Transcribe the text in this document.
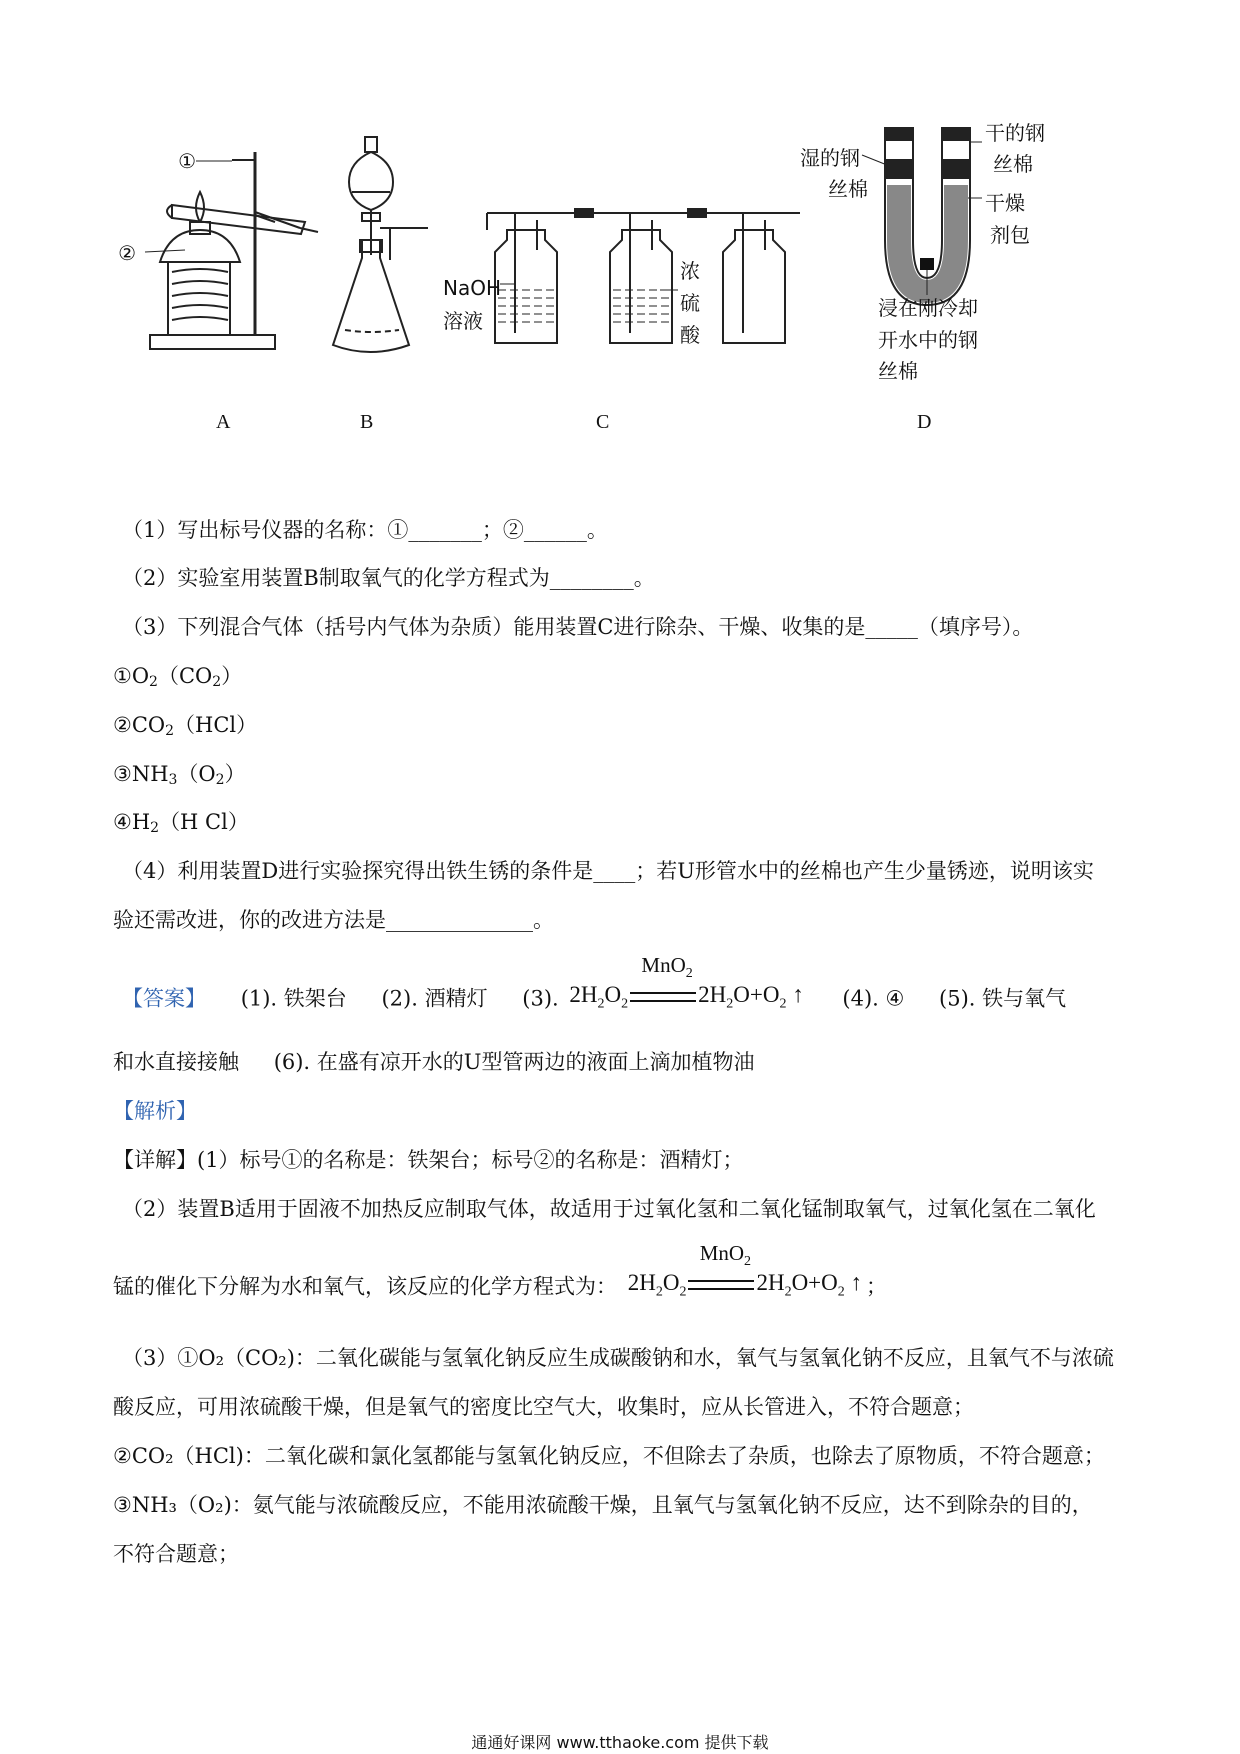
①
②
NaOH
溶液
浓
硫
酸
湿的钢
丝棉
干的钢
丝棉
干燥
剂包
浸在刚冷却
开水中的钢
丝棉
A	B	C	D
（1）写出标号仪器的名称：①_______；②______。
（2）实验室用装置B制取氧气的化学方程式为________。
（3）下列混合气体（括号内气体为杂质）能用装置C进行除杂、干燥、收集的是_____（填序号）。
①O2（CO2）
②CO2（HCl）
③NH3（O2）
④H2（H Cl）
（4）利用装置D进行实验探究得出铁生锈的条件是____；若U形管水中的丝棉也产生少量锈迹，说明该实
验还需改进，你的改进方法是______________。
【答案】 (1). 铁架台 (2). 酒精灯 (3).
MnO$_2$
$2H_2O_2$	$2H_2O+O_2$ ↑ (4). ④ (5). 铁与氧气
和水直接接触 (6). 在盛有凉开水的U型管两边的液面上滴加植物油
【解析】
【详解】(1）标号①的名称是：铁架台；标号②的名称是：酒精灯；
（2）装置B适用于固液不加热反应制取气体，故适用于过氧化氢和二氧化锰制取氧气，过氧化氢在二氧化
锰的催化下分解为水和氧气，该反应的化学方程式为：
MnO$_2$
$2H_2O_2$	$2H_2O+O_2$ ↑；
（3）①O₂（CO₂)：二氧化碳能与氢氧化钠反应生成碳酸钠和水，氧气与氢氧化钠不反应，且氧气不与浓硫
酸反应，可用浓硫酸干燥，但是氧气的密度比空气大，收集时，应从长管进入，不符合题意；
②CO₂（HCl)：二氧化碳和氯化氢都能与氢氧化钠反应，不但除去了杂质，也除去了原物质，不符合题意；
③NH₃（O₂)：氨气能与浓硫酸反应，不能用浓硫酸干燥，且氧气与氢氧化钠不反应，达不到除杂的目的，
不符合题意；
通通好课网 www.tthaoke.com 提供下载
